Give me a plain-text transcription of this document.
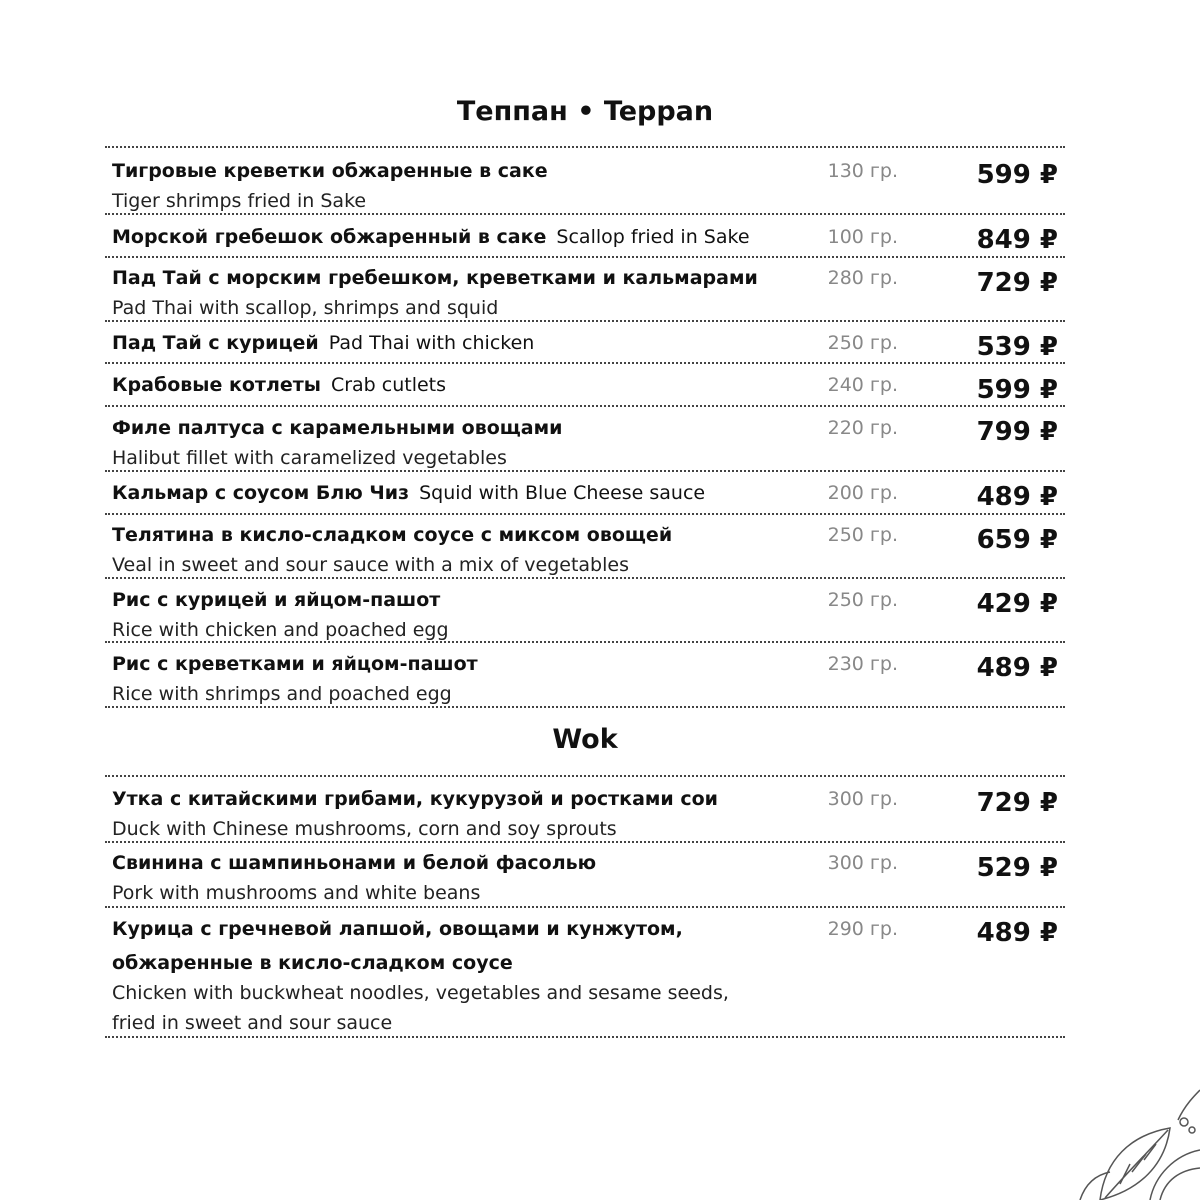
Теппан • Teppan
Тигровые креветки обжаренные в саке
Tiger shrimps fried in Sake
130 гр.	599 ₽
Морской гребешок обжаренный в саке Scallop fried in Sake	100 гр.	849 ₽
Пад Тай с морским гребешком, креветками и кальмарами
Pad Thai with scallop, shrimps and squid
280 гр.	729 ₽
Пад Тай с курицей Pad Thai with chicken	250 гр.	539 ₽
Крабовые котлеты Crab cutlets	240 гр.	599 ₽
Филе палтуса с карамельными овощами
Halibut fillet with caramelized vegetables
220 гр.	799 ₽
Кальмар с соусом Блю Чиз Squid with Blue Cheese sauce	200 гр.	489 ₽
Телятина в кисло-сладком соусе с миксом овощей
Veal in sweet and sour sauce with a mix of vegetables
250 гр.	659 ₽
Рис с курицей и яйцом-пашот
Rice with chicken and poached egg
250 гр.	429 ₽
Рис с креветками и яйцом-пашот
Rice with shrimps and poached egg
230 гр.	489 ₽
Wok
Утка с китайскими грибами, кукурузой и ростками сои
Duck with Chinese mushrooms, corn and soy sprouts
300 гр.	729 ₽
Свинина с шампиньонами и белой фасолью
Pork with mushrooms and white beans
300 гр.	529 ₽
Курица с гречневой лапшой, овощами и кунжутом,
обжаренные в кисло-сладком соусе
Chicken with buckwheat noodles, vegetables and sesame seeds,
fried in sweet and sour sauce
290 гр.	489 ₽
